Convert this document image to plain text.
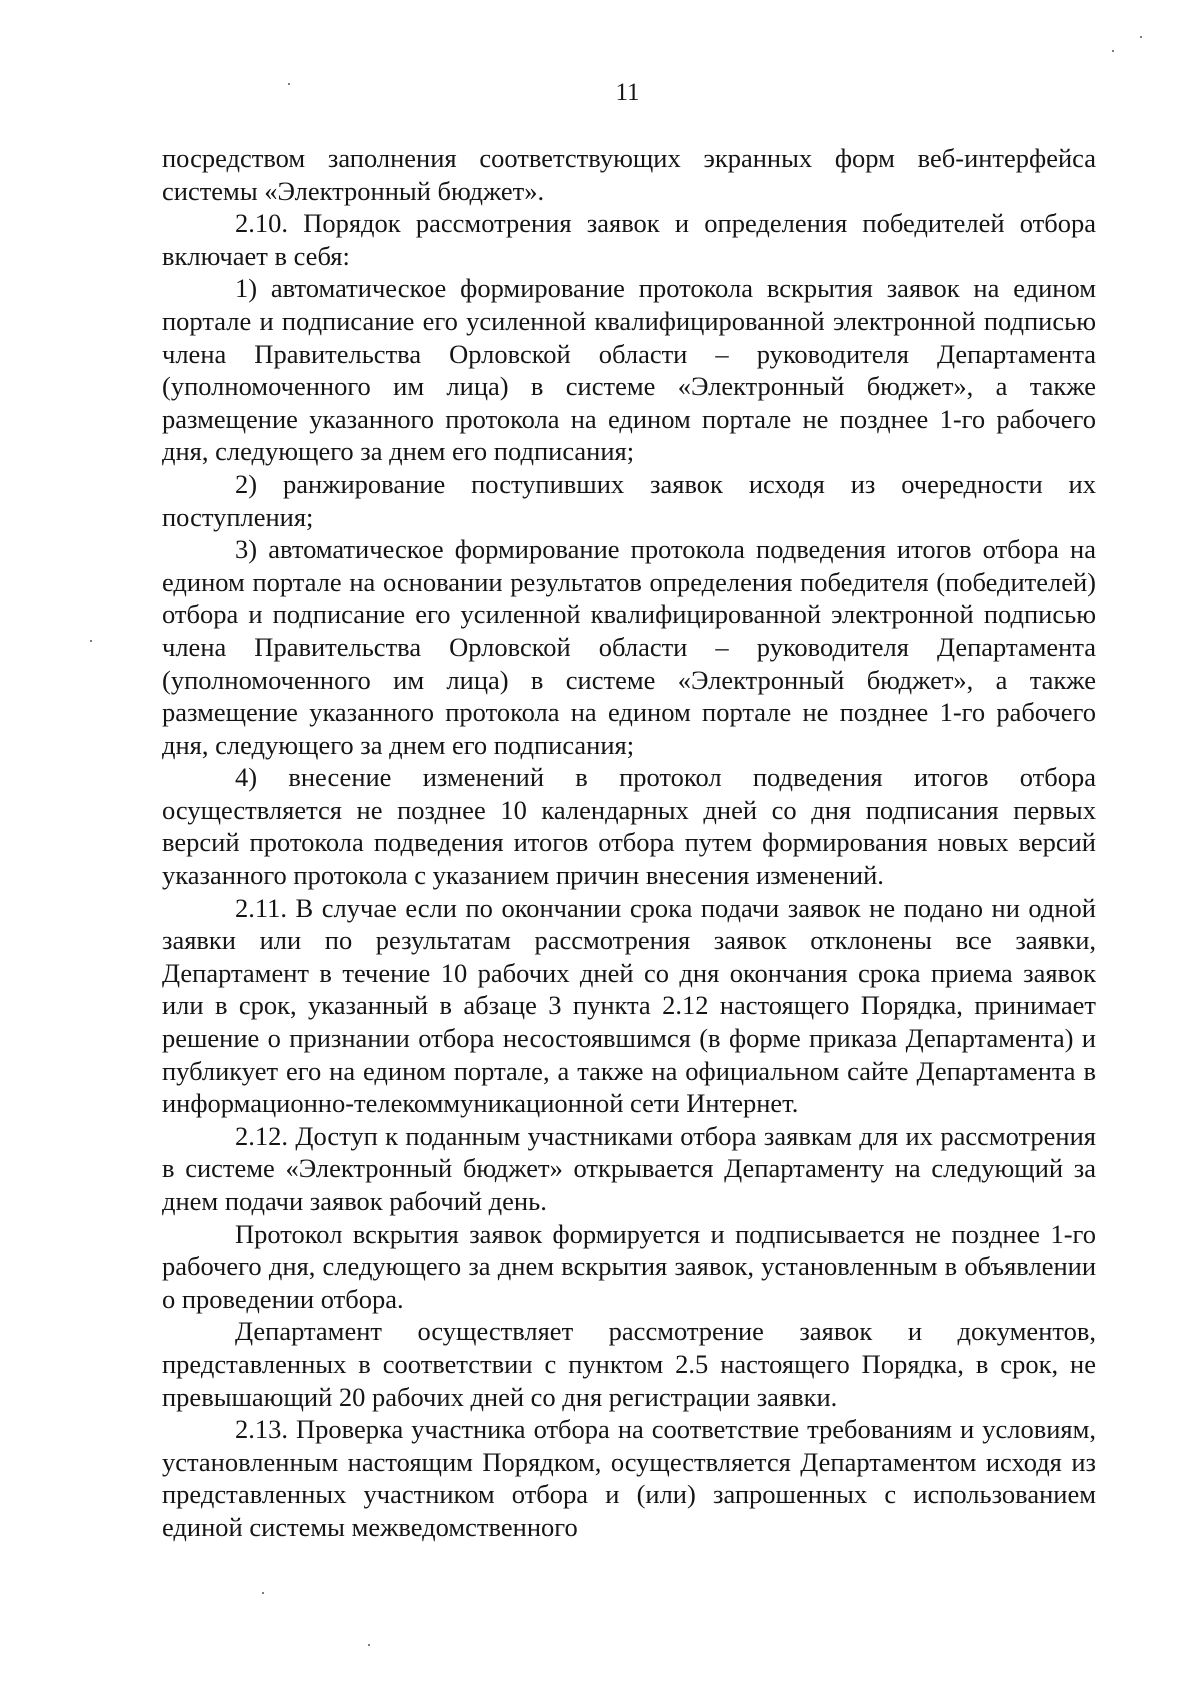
11

посредством заполнения соответствующих экранных форм веб-интерфейса системы «Электронный бюджет».

2.10. Порядок рассмотрения заявок и определения победителей отбора включает в себя:

1) автоматическое формирование протокола вскрытия заявок на едином портале и подписание его усиленной квалифицированной электронной подписью члена Правительства Орловской области – руководителя Департамента (уполномоченного им лица) в системе «Электронный бюджет», а также размещение указанного протокола на едином портале не позднее 1-го рабочего дня, следующего за днем его подписания;

2) ранжирование поступивших заявок исходя из очередности их поступления;

3) автоматическое формирование протокола подведения итогов отбора на едином портале на основании результатов определения победителя (победителей) отбора и подписание его усиленной квалифицированной электронной подписью члена Правительства Орловской области – руководителя Департамента (уполномоченного им лица) в системе «Электронный бюджет», а также размещение указанного протокола на едином портале не позднее 1-го рабочего дня, следующего за днем его подписания;

4) внесение изменений в протокол подведения итогов отбора осуществляется не позднее 10 календарных дней со дня подписания первых версий протокола подведения итогов отбора путем формирования новых версий указанного протокола с указанием причин внесения изменений.

2.11. В случае если по окончании срока подачи заявок не подано ни одной заявки или по результатам рассмотрения заявок отклонены все заявки, Департамент в течение 10 рабочих дней со дня окончания срока приема заявок или в срок, указанный в абзаце 3 пункта 2.12 настоящего Порядка, принимает решение о признании отбора несостоявшимся (в форме приказа Департамента) и публикует его на едином портале, а также на официальном сайте Департамента в информационно-телекоммуникационной сети Интернет.

2.12. Доступ к поданным участниками отбора заявкам для их рассмотрения в системе «Электронный бюджет» открывается Департаменту на следующий за днем подачи заявок рабочий день.

Протокол вскрытия заявок формируется и подписывается не позднее 1-го рабочего дня, следующего за днем вскрытия заявок, установленным в объявлении о проведении отбора.

Департамент осуществляет рассмотрение заявок и документов, представленных в соответствии с пунктом 2.5 настоящего Порядка, в срок, не превышающий 20 рабочих дней со дня регистрации заявки.

2.13. Проверка участника отбора на соответствие требованиям и условиям, установленным настоящим Порядком, осуществляется Департаментом исходя из представленных участником отбора и (или) запрошенных с использованием единой системы межведомственного
